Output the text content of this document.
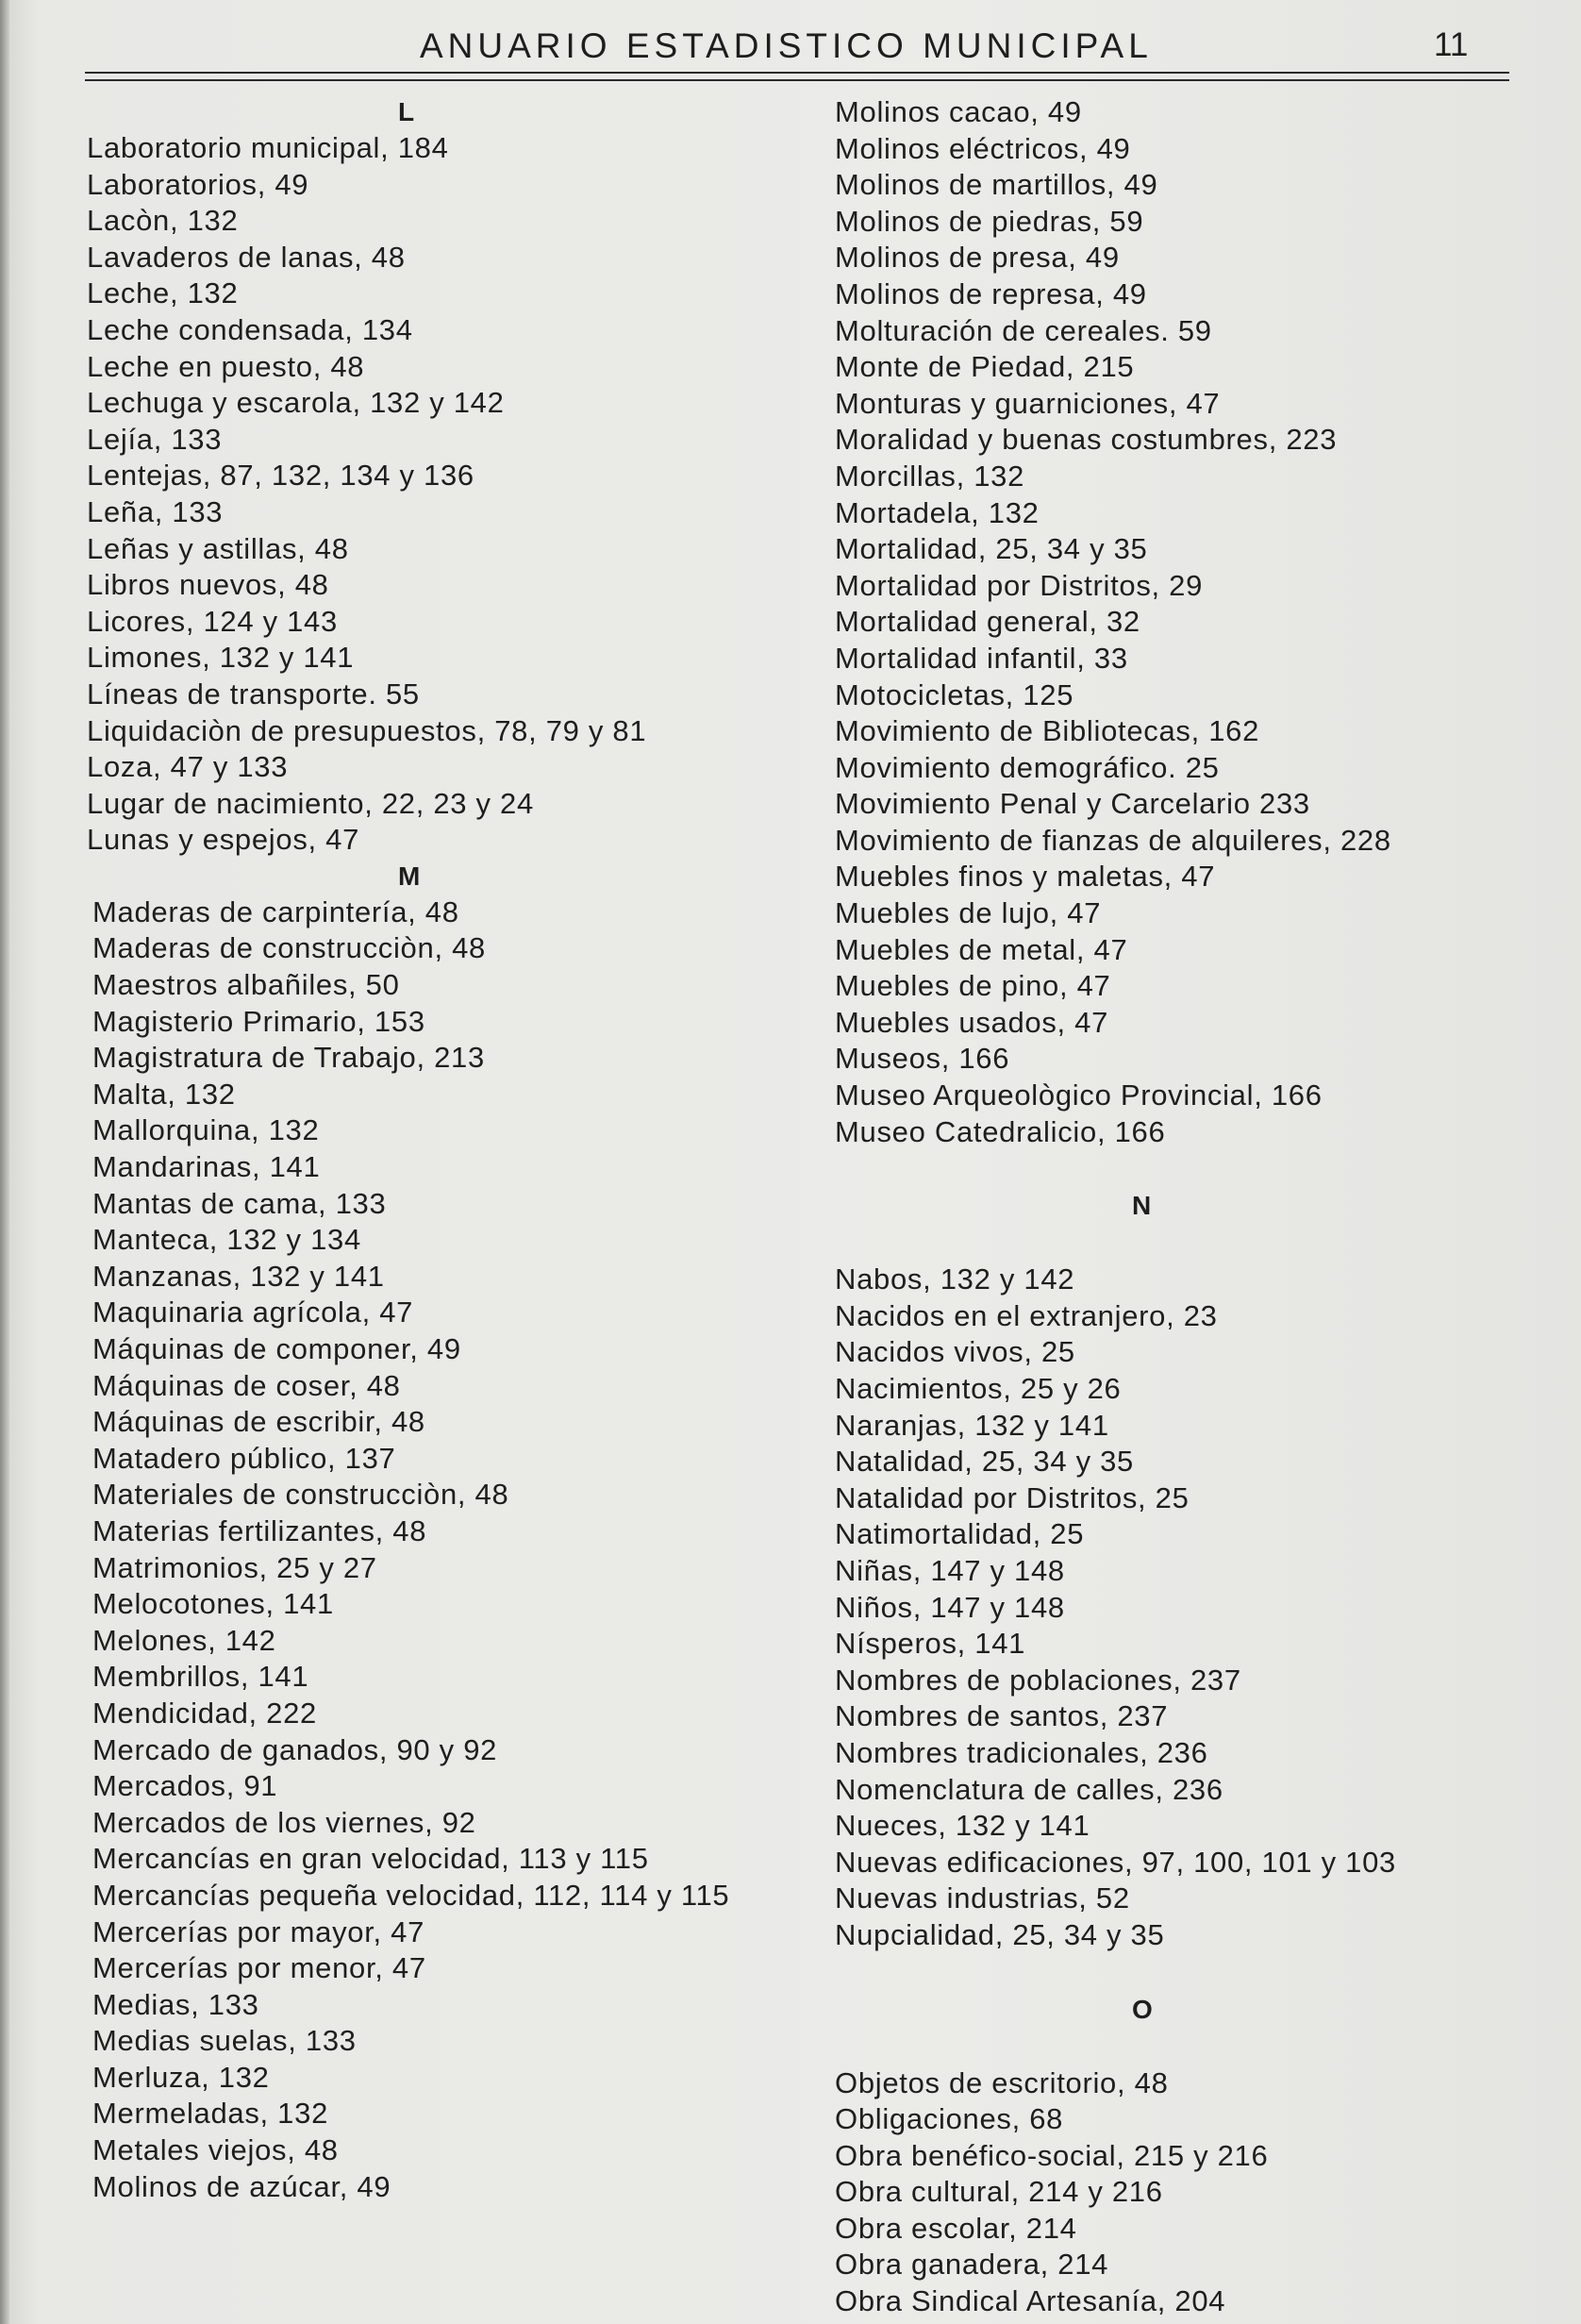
ANUARIO ESTADISTICO MUNICIPAL	11
L
Laboratorio municipal, 184
Laboratorios, 49
Lacòn, 132
Lavaderos de lanas, 48
Leche, 132
Leche condensada, 134
Leche en puesto, 48
Lechuga y escarola, 132 y 142
Lejía, 133
Lentejas, 87, 132, 134 y 136
Leña, 133
Leñas y astillas, 48
Libros nuevos, 48
Licores, 124 y 143
Limones, 132 y 141
Líneas de transporte. 55
Liquidaciòn de presupuestos, 78, 79 y 81
Loza, 47 y 133
Lugar de nacimiento, 22, 23 y 24
Lunas y espejos, 47
M
Maderas de carpintería, 48
Maderas de construcciòn, 48
Maestros albañiles, 50
Magisterio Primario, 153
Magistratura de Trabajo, 213
Malta, 132
Mallorquina, 132
Mandarinas, 141
Mantas de cama, 133
Manteca, 132 y 134
Manzanas, 132 y 141
Maquinaria agrícola, 47
Máquinas de componer, 49
Máquinas de coser, 48
Máquinas de escribir, 48
Matadero público, 137
Materiales de construcciòn, 48
Materias fertilizantes, 48
Matrimonios, 25 y 27
Melocotones, 141
Melones, 142
Membrillos, 141
Mendicidad, 222
Mercado de ganados, 90 y 92
Mercados, 91
Mercados de los viernes, 92
Mercancías en gran velocidad, 113 y 115
Mercancías pequeña velocidad, 112, 114 y 115
Mercerías por mayor, 47
Mercerías por menor, 47
Medias, 133
Medias suelas, 133
Merluza, 132
Mermeladas, 132
Metales viejos, 48
Molinos de azúcar, 49
Molinos cacao, 49
Molinos eléctricos, 49
Molinos de martillos, 49
Molinos de piedras, 59
Molinos de presa, 49
Molinos de represa, 49
Molturación de cereales. 59
Monte de Piedad, 215
Monturas y guarniciones, 47
Moralidad y buenas costumbres, 223
Morcillas, 132
Mortadela, 132
Mortalidad, 25, 34 y 35
Mortalidad por Distritos, 29
Mortalidad general, 32
Mortalidad infantil, 33
Motocicletas, 125
Movimiento de Bibliotecas, 162
Movimiento demográfico. 25
Movimiento Penal y Carcelario 233
Movimiento de fianzas de alquileres, 228
Muebles finos y maletas, 47
Muebles de lujo, 47
Muebles de metal, 47
Muebles de pino, 47
Muebles usados, 47
Museos, 166
Museo Arqueològico Provincial, 166
Museo Catedralicio, 166
N
Nabos, 132 y 142
Nacidos en el extranjero, 23
Nacidos vivos, 25
Nacimientos, 25 y 26
Naranjas, 132 y 141
Natalidad, 25, 34 y 35
Natalidad por Distritos, 25
Natimortalidad, 25
Niñas, 147 y 148
Niños, 147 y 148
Nísperos, 141
Nombres de poblaciones, 237
Nombres de santos, 237
Nombres tradicionales, 236
Nomenclatura de calles, 236
Nueces, 132 y 141
Nuevas edificaciones, 97, 100, 101 y 103
Nuevas industrias, 52
Nupcialidad, 25, 34 y 35
O
Objetos de escritorio, 48
Obligaciones, 68
Obra benéfico-social, 215 y 216
Obra cultural, 214 y 216
Obra escolar, 214
Obra ganadera, 214
Obra Sindical Artesanía, 204
